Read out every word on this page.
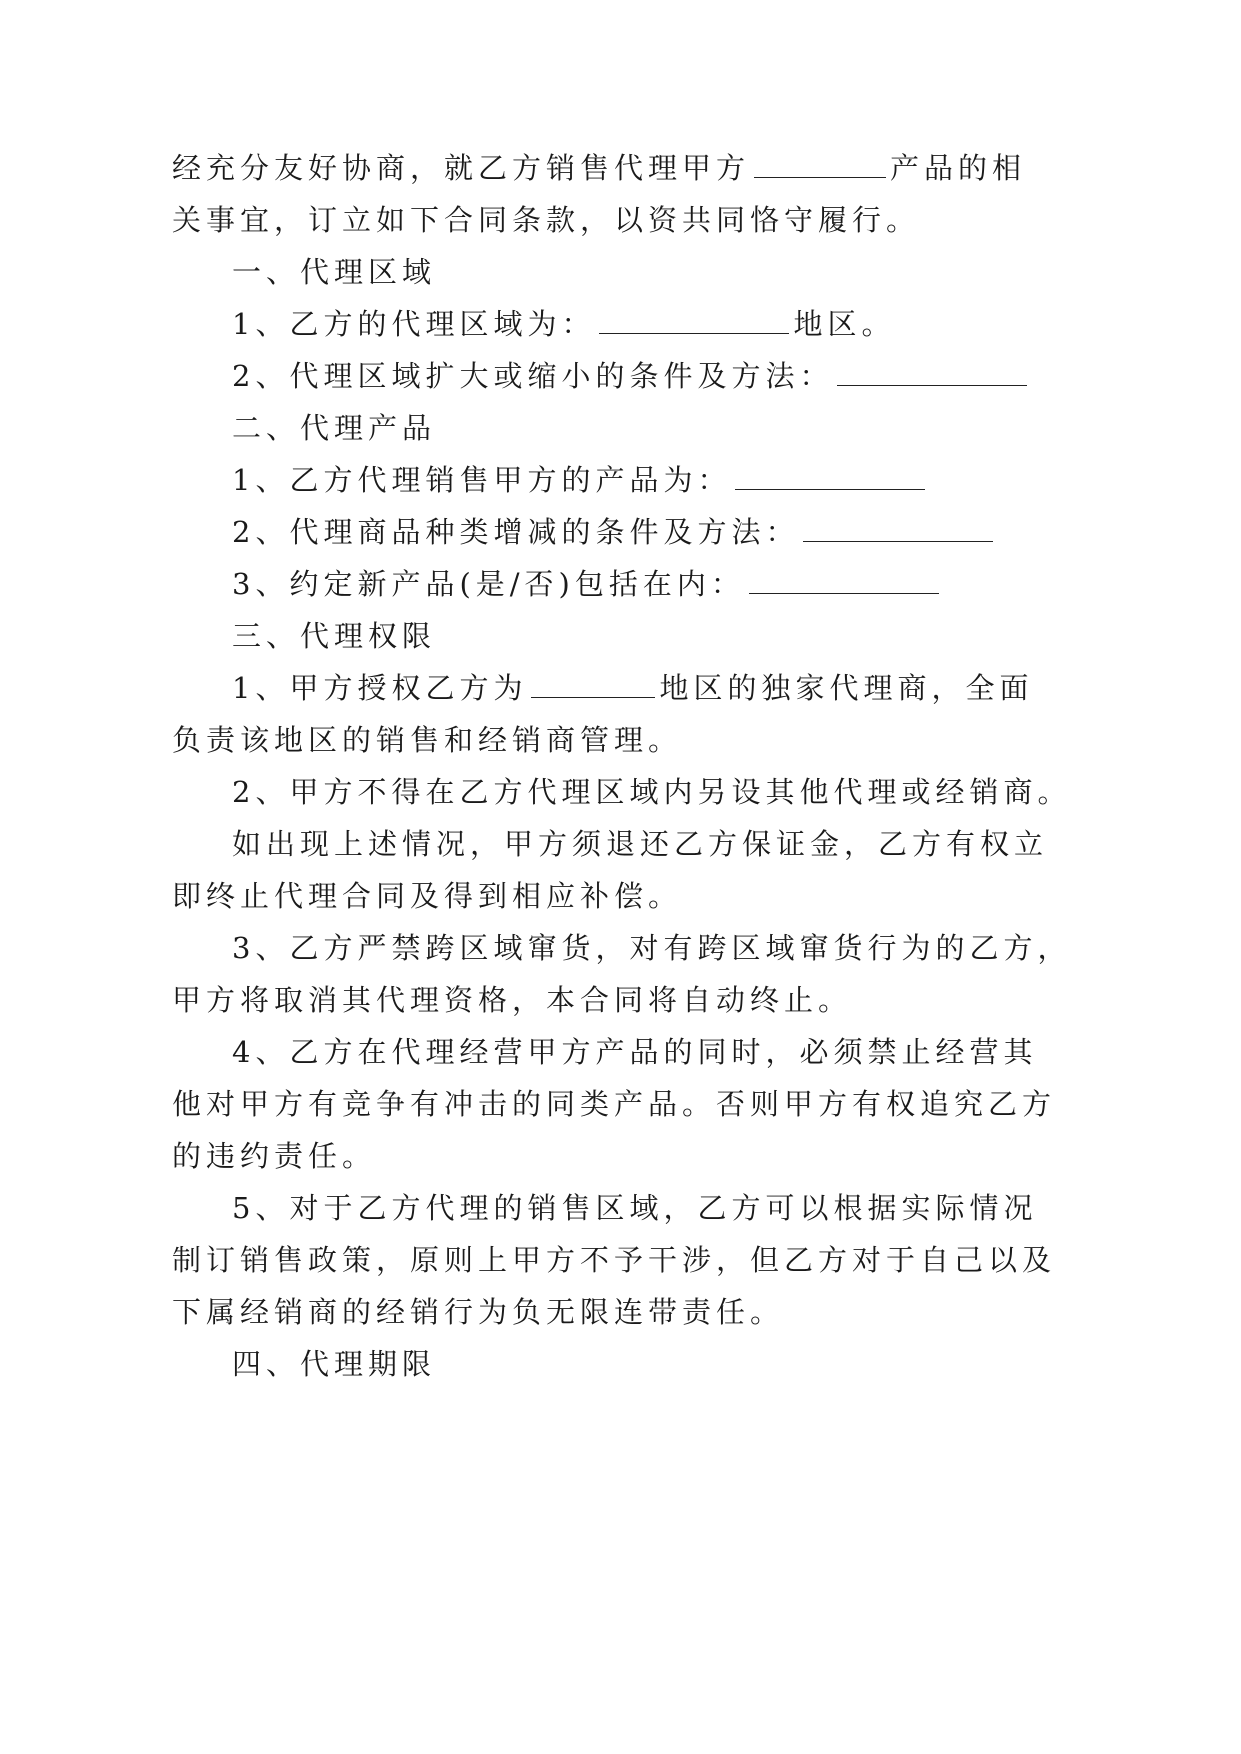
经充分友好协商，就乙方销售代理甲方	产品的相
关事宜，订立如下合同条款，以资共同恪守履行。
一、代理区域
1、乙方的代理区域为：	地区。
2、代理区域扩大或缩小的条件及方法：
二、代理产品
1、乙方代理销售甲方的产品为：
2、代理商品种类增减的条件及方法：
3、约定新产品(是/否)包括在内：
三、代理权限
1、甲方授权乙方为	地区的独家代理商，全面
负责该地区的销售和经销商管理。
2、甲方不得在乙方代理区域内另设其他代理或经销商。
如出现上述情况，甲方须退还乙方保证金，乙方有权立
即终止代理合同及得到相应补偿。
3、乙方严禁跨区域窜货，对有跨区域窜货行为的乙方，
甲方将取消其代理资格，本合同将自动终止。
4、乙方在代理经营甲方产品的同时，必须禁止经营其
他对甲方有竞争有冲击的同类产品。否则甲方有权追究乙方
的违约责任。
5、对于乙方代理的销售区域，乙方可以根据实际情况
制订销售政策，原则上甲方不予干涉，但乙方对于自己以及
下属经销商的经销行为负无限连带责任。
四、代理期限
